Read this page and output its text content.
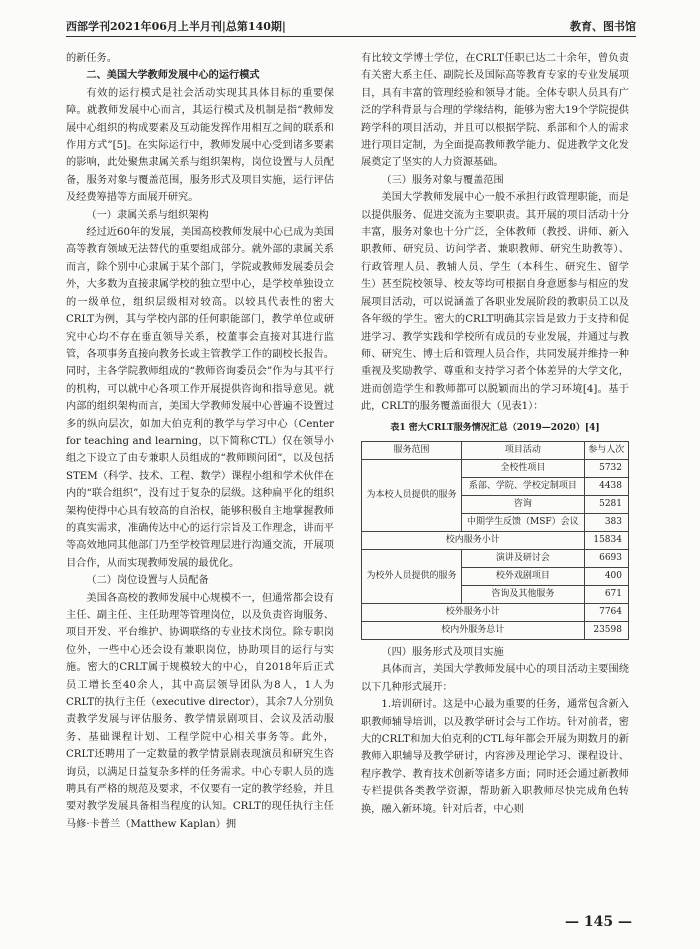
西部学刊2021年06月上半月刊|总第140期|	教育、图书馆

的新任务。

二、美国大学教师发展中心的运行模式

有效的运行模式是社会活动实现其具体目标的重要保障。就教师发展中心而言，其运行模式及机制是指“教师发展中心组织的构成要素及互动能发挥作用相互之间的联系和作用方式”[5]。在实际运行中，教师发展中心受到诸多要素的影响，此处聚焦隶属关系与组织架构，岗位设置与人员配备，服务对象与覆盖范围，服务形式及项目实施，运行评估及经费筹措等方面展开研究。

（一）隶属关系与组织架构

经过近60年的发展，美国高校教师发展中心已成为美国高等教育领域无法替代的重要组成部分。就外部的隶属关系而言，除个别中心隶属于某个部门，学院或教师发展委员会外，大多数为直接隶属学校的独立型中心，是学校单独设立的一级单位，组织层级相对较高。以较具代表性的密大CRLT为例，其与学校内部的任何职能部门，教学单位或研究中心均不存在垂直领导关系，校董事会直接对其进行监管，各项事务直接向教务长或主管教学工作的副校长报告。同时，主各学院教师组成的“教师咨询委员会”作为与其平行的机构，可以就中心各项工作开展提供咨询和指导意见。就内部的组织架构而言，美国大学教师发展中心普遍不设置过多的纵向层次，如加大伯克利的教学与学习中心（Center for teaching and learning，以下简称CTL）仅在领导小组之下设立了由专兼职人员组成的“教师顾问团”，以及包括STEM（科学、技术、工程、数学）课程小组和学术伙伴在内的“联合组织”，没有过于复杂的层级。这种扁平化的组织架构使得中心具有较高的自治权，能够积极自主地掌握教师的真实需求，准确传达中心的运行宗旨及工作理念，讲而平等高效地同其他部门乃至学校管理层进行沟通交流，开展项目合作，从而实现教师发展的最优化。

（二）岗位设置与人员配备

美国各高校的教师发展中心规模不一，但通常都会设有主任、副主任、主任助理等管理岗位，以及负责咨询服务、项目开发、平台维护、协调联络的专业技术岗位。除专职岗位外，一些中心还会设有兼职岗位，协助项目的运行与实施。密大的CRLT属于规模较大的中心，自2018年后正式员工增长至40余人，其中高层领导团队为8人，1人为CRLT的执行主任（executive director），其余7人分别负责教学发展与评估服务、教学情景剧项目、会议及活动服务、基础课程计划、工程学院中心相关事务等。此外，CRLT还聘用了一定数量的教学情景剧表现演员和研究生咨询员，以满足日益复杂多样的任务需求。中心专职人员的选聘具有严格的规范及要求，不仅要有一定的教学经验，并且要对教学发展具备相当程度的认知。CRLT的现任执行主任马修·卡普兰（Matthew Kaplan）拥

有比较文学博士学位，在CRLT任职已达二十余年，曾负责有关密大系主任、副院长及国际高等教育专家的专业发展项目，具有丰富的管理经验和领导才能。全体专职人员具有广泛的学科背景与合理的学缘结构，能够为密大19个学院提供跨学科的项目活动，并且可以根据学院、系部和个人的需求进行项目定制，为全面提高教师教学能力、促进教学文化发展奠定了坚实的人力资源基础。

（三）服务对象与覆盖范围

美国大学教师发展中心一般不承担行政管理职能，而是以提供服务、促进交流为主要职责。其开展的项目活动十分丰富，服务对象也十分广泛，全体教师（教授、讲师、新入职教师、研究员、访问学者、兼职教师、研究生助教等）、行政管理人员、教辅人员、学生（本科生、研究生、留学生）甚至院校领导、校友等均可根据自身意愿参与相应的发展项目活动，可以说涵盖了各职业发展阶段的教职员工以及各年级的学生。密大的CRLT明确其宗旨是致力于支持和促进学习、教学实践和学校所有成员的专业发展，并通过与教师、研究生、博士后和管理人员合作，共同发展并维持一种重视及奖励教学、尊重和支持学习者个体差异的大学文化，进而创造学生和教师都可以脱颖而出的学习环境[4]。基于此，CRLT的服务覆盖面很大（见表1）：

表1 密大CRLT服务情况汇总（2019—2020）[4]
服务范围	项目活动	参与人次
为本校人员提供的服务	全校性项目	5732
	系部、学院、学校定制项目	4438
	咨询	5281
	中期学生反馈（MSF）会议	383
校内服务小计		15834
为校外人员提供的服务	演讲及研讨会	6693
	校外戏剧项目	400
	咨询及其他服务	671
校外服务小计		7764
校内外服务总计		23598

（四）服务形式及项目实施

具体而言，美国大学教师发展中心的项目活动主要围绕以下几种形式展开：

1.培训研讨。这是中心最为重要的任务，通常包含新入职教师辅导培训，以及教学研讨会与工作坊。针对前者，密大的CRLT和加大伯克利的CTL每年都会开展为期数月的新教师入职辅导及教学研讨，内容涉及理论学习、课程设计、程序教学、教育技术创新等诸多方面；同时还会通过新教师专栏提供各类教学资源，帮助新入职教师尽快完成角色转换，融入新环境。针对后者，中心则

— 145 —
